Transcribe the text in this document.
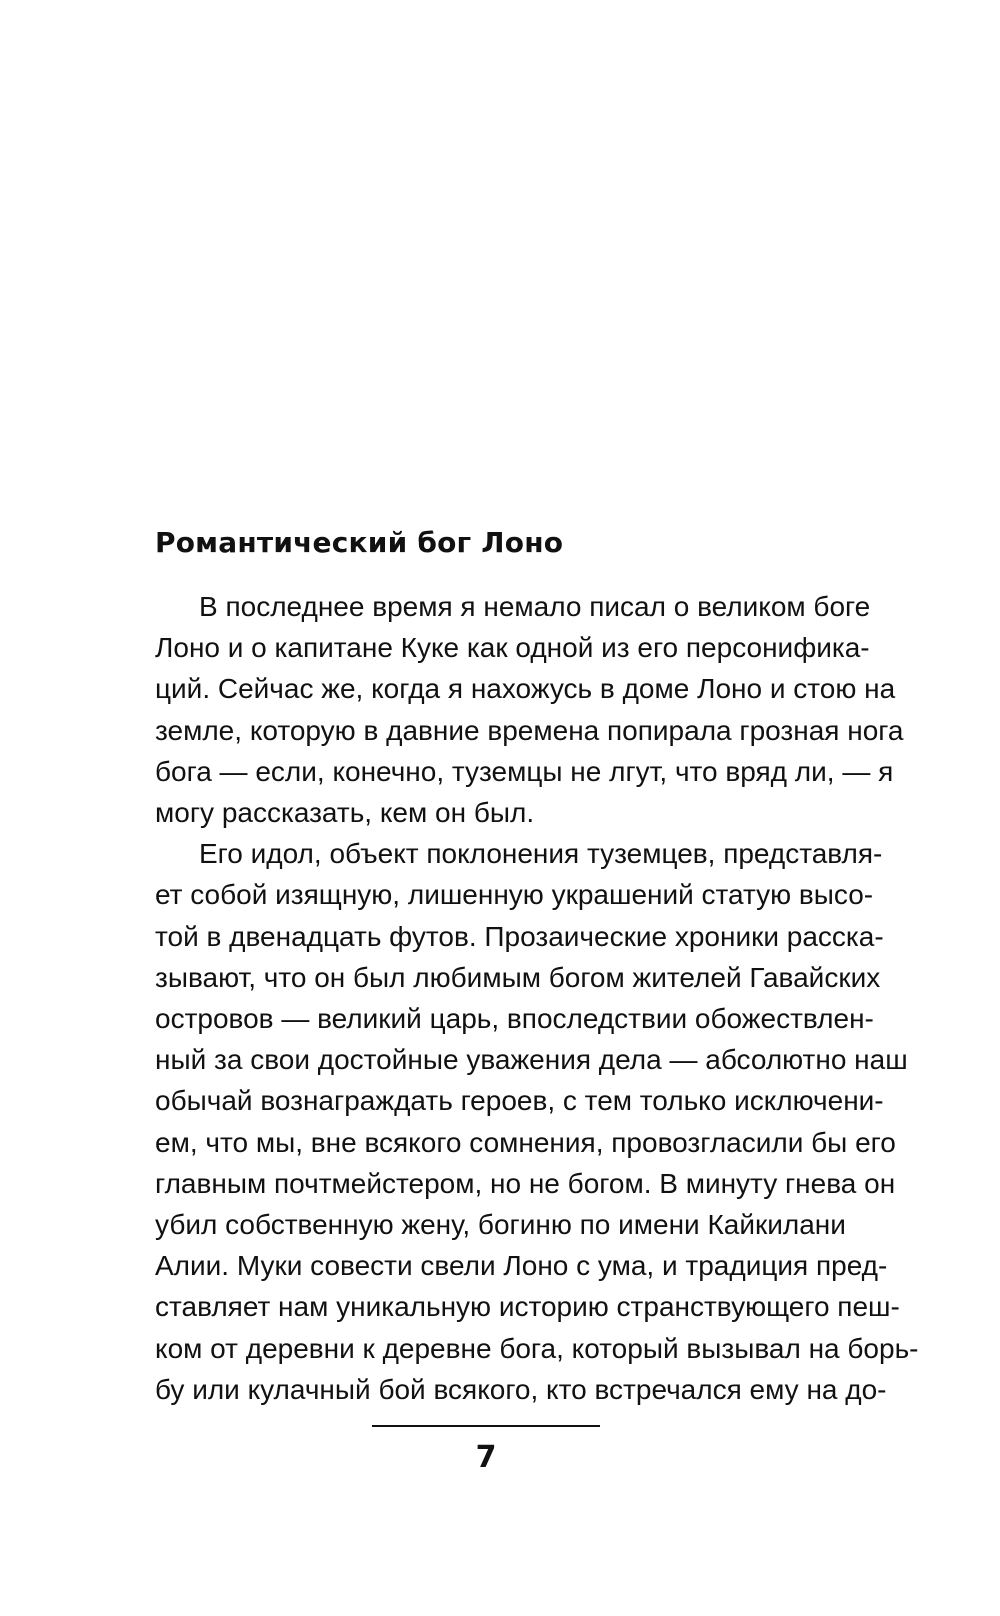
Романтический бог Лоно
В последнее время я немало писал о великом боге
Лоно и о капитане Куке как одной из его персонифика-
ций. Сейчас же, когда я нахожусь в доме Лоно и стою на
земле, которую в давние времена попирала грозная нога
бога — если, конечно, туземцы не лгут, что вряд ли, — я
могу рассказать, кем он был.
Его идол, объект поклонения туземцев, представля-
ет собой изящную, лишенную украшений статую высо-
той в двенадцать футов. Прозаические хроники расска-
зывают, что он был любимым богом жителей Гавайских
островов — великий царь, впоследствии обожествлен-
ный за свои достойные уважения дела — абсолютно наш
обычай вознаграждать героев, с тем только исключени-
ем, что мы, вне всякого сомнения, провозгласили бы его
главным почтмейстером, но не богом. В минуту гнева он
убил собственную жену, богиню по имени Кайкилани
Алии. Муки совести свели Лоно с ума, и традиция пред-
ставляет нам уникальную историю странствующего пеш-
ком от деревни к деревне бога, который вызывал на борь-
бу или кулачный бой всякого, кто встречался ему на до-

7
